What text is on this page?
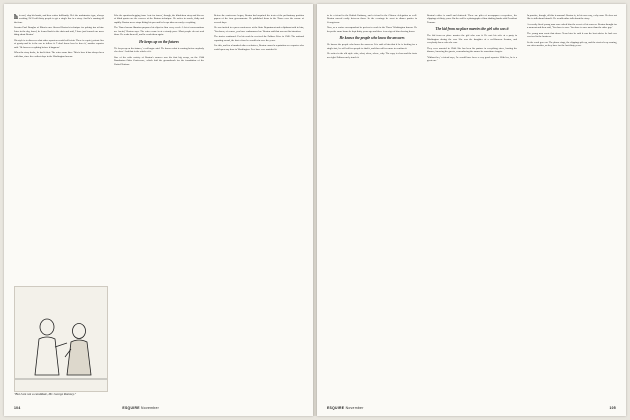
his soul, clap his hands, and then writes brilliantly. He's the unobtrusive type, always working. He'll call thirty people to get a single line in a story. And he's running all the time.

Senator Paul Douglas of Illinois once blessed Boston's technique for poking fun at him. Later in the day, bored, he leaned back in the chair and said, 'I have just learned one more thing about Boston.'

His style is to discover what other reporters would call trivia. There is a quiet, private line of gossip and he is the one to follow it. 'I don't know how he does it,' another reporter said. 'He knows everything before it happens.'

When the story broke, he had it first. The wires came later. This is how it has always been with him, since the earliest days in the Washington bureau.

Like the question-begging issue 'vote for issues,' though, the blind-item story and his use of blind quotes are the essence of the Boston technique. He writes in words, flatly and rapidly. Boston never stops lifting his pen and he keeps tabs on nearly everything.

The Times bureau librarian prepares his clips for him every week. A lot of conversations are 'useful,' Boston says. The wires come in at a steady pace. Most people do not read them. He reads them all, and he reads them again.

He keeps up on the futures

'He keeps up on the futures,' a colleague said. 'He knows what is coming before anybody else does.' And that is the whole of it.

One of the wide variety of Boston's sources was his first big scoop, on the 1944 Dumbarton Oaks Conference, which laid the groundwork for the foundation of the United Nations.

Before the conference began, Boston had acquired the texts of the preliminary position papers of the four governments. He published them in the Times over the course of several days.

He was invited to a press conference at the State Department and a diplomat said to him, 'You know, of course, you have embarrassed us.' Boston said that was not his intention.

The stories continued. For his work he received the Pulitzer Prize in 1945. The national reporting award, the first of two he would win over the years.

For this, and for a hundred other exclusives, Boston earned a reputation as a reporter who could open any door in Washington. Few have ever matched it.

"But I am not a candidate, Mr. George Romney."
104	ESQUIRE November

to be a friend in the British Embassy, and a friend in the Chinese delegation as well. Boston moved easily between them. In the evenings he went to dinner parties in Georgetown.

Now, as a senior correspondent he prefers to work in the Times' Washington bureau. He keeps the same hours he kept thirty years ago and there is no sign of him slowing down.

He knows the people who know the answers

He knows the people who know the answers. It is said of him that if he is looking for a single fact, he will call ten people to find it, and then call ten more to confirm it.

He writes in the old style: who, what, when, where, why. The copy is clean and the facts are right. Editors rarely touch it.

Boston's office is small and cluttered. There are piles of newspapers everywhere, the clippings of thirty years. On the wall is a photograph of him shaking hands with President Truman.

The kid from no place marries the girl who was it

The kid from no place marries the girl who was it. He met his wife at a party in Washington during the war. She was the daughter of a well-known Senator, and everybody knew who she was.

They were married in 1944. She has been his partner in everything since, hosting the dinners, knowing the guests, remembering the names he sometimes forgets.

'Without her,' a friend says, 'he would have been a very good reporter. With her, he is a great one.'

In practice, though, all this is unusual. Boston is, in his own way, a shy man. He does not like to talk about himself. He would rather talk about the story.

A recently hired young man once asked him the secret of his success. Boston thought for a moment and then said, 'You have to care. You have to care more than the other guy.'

The young man wrote that down. Years later he said it was the best advice he had ever received in the business.

So the work goes on. The phone rings, the clippings pile up, and the stories keep coming, one after another, as they have for the last thirty years.

ESQUIRE November	105
